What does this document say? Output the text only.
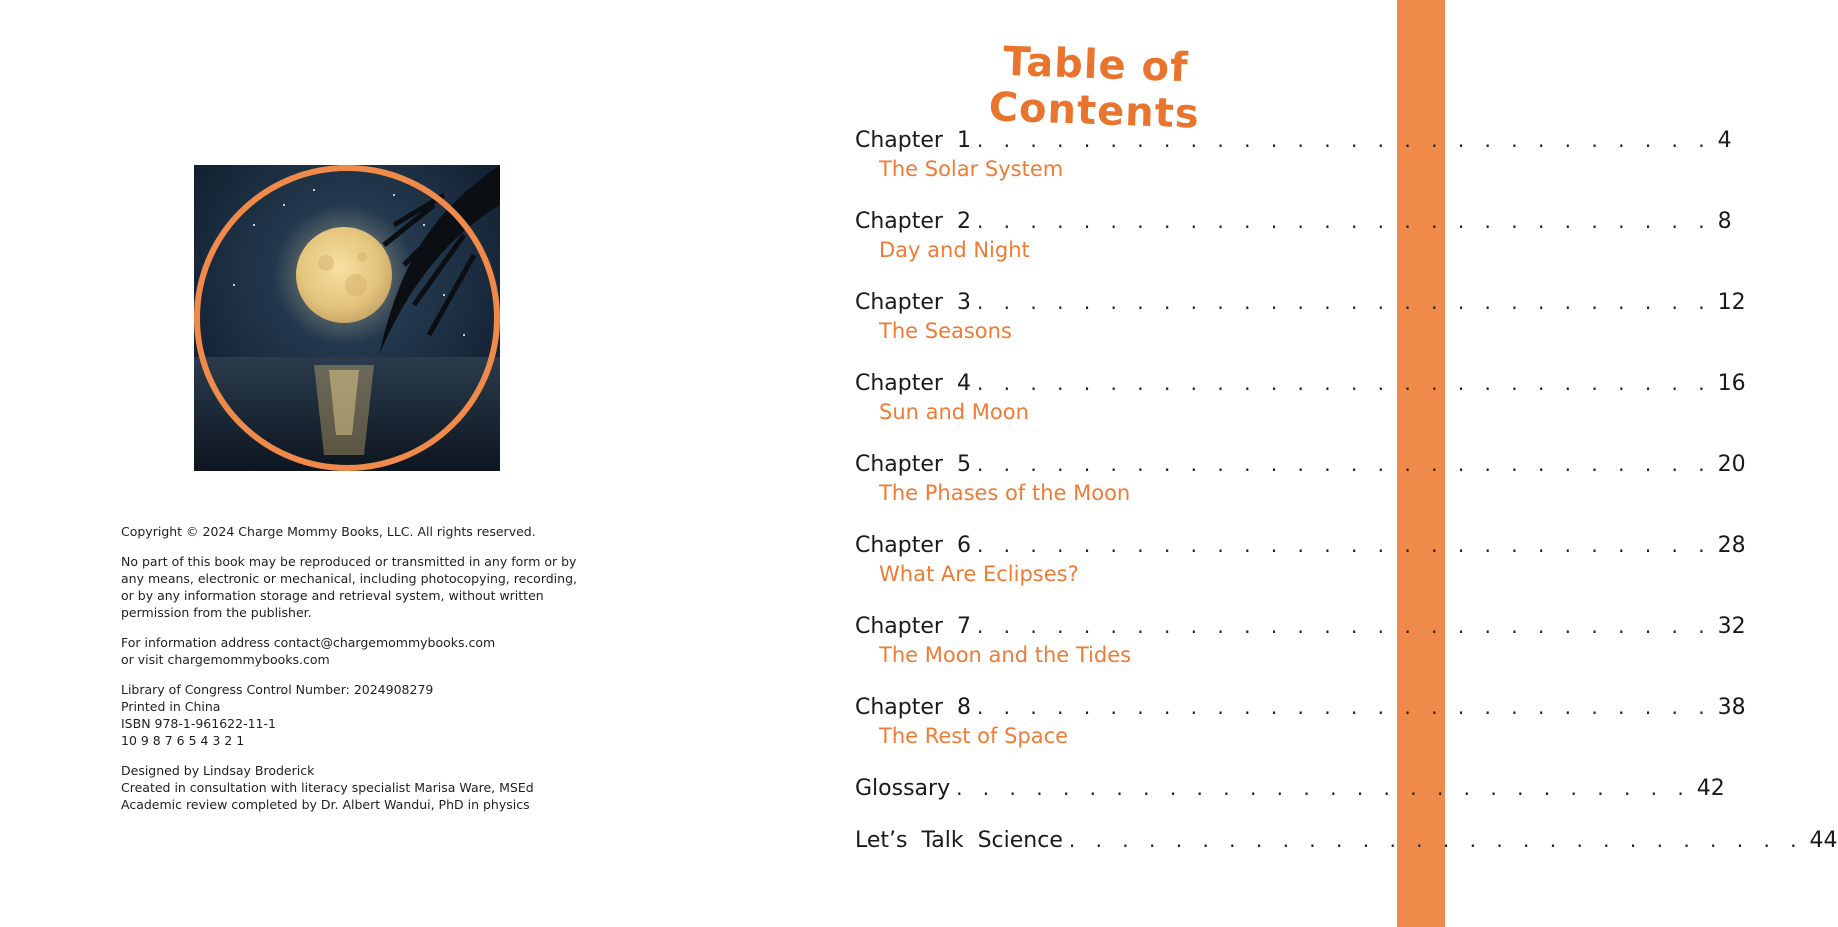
Copyright © 2024 Charge Mommy Books, LLC. All rights reserved.

No part of this book may be reproduced or transmitted in any form or by
any means, electronic or mechanical, including photocopying, recording,
or by any information storage and retrieval system, without written
permission from the publisher.

For information address contact@chargemommybooks.com
or visit chargemommybooks.com

Library of Congress Control Number: 2024908279
Printed in China
ISBN 978-1-961622-11-1
10 9 8 7 6 5 4 3 2 1

Designed by Lindsay Broderick
Created in consultation with literacy specialist Marisa Ware, MSEd
Academic review completed by Dr. Albert Wandui, PhD in physics

Table of Contents
Chapter  1 . . . . . . . . . . . . . . . . . . . . . . . . . . . . 4
The Solar System
Chapter  2 . . . . . . . . . . . . . . . . . . . . . . . . . . . . 8
Day and Night
Chapter  3 . . . . . . . . . . . . . . . . . . . . . . . . . . . . 12
The Seasons
Chapter  4 . . . . . . . . . . . . . . . . . . . . . . . . . . . . 16
Sun and Moon
Chapter  5 . . . . . . . . . . . . . . . . . . . . . . . . . . . . 20
The Phases of the Moon
Chapter  6 . . . . . . . . . . . . . . . . . . . . . . . . . . . . 28
What Are Eclipses?
Chapter  7 . . . . . . . . . . . . . . . . . . . . . . . . . . . . 32
The Moon and the Tides
Chapter  8 . . . . . . . . . . . . . . . . . . . . . . . . . . . . 38
The Rest of Space
Glossary . . . . . . . . . . . . . . . . . . . . . . . . . . . . 42
Let’s  Talk  Science . . . . . . . . . . . . . . . . . . . . . . . . . . . . 44
